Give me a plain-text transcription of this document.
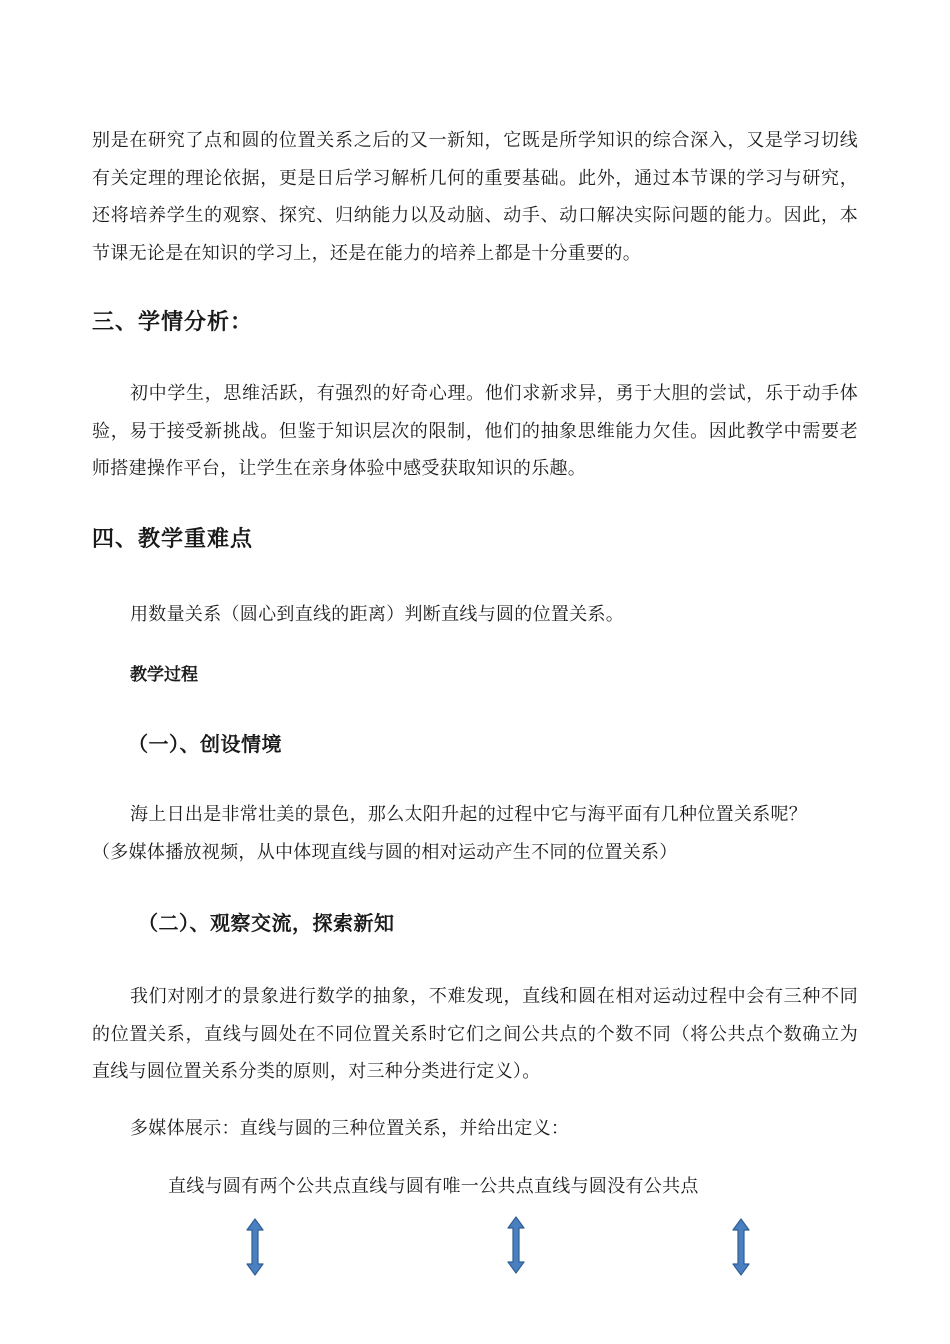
别是在研究了点和圆的位置关系之后的又一新知，它既是所学知识的综合深入，又是学习切线有关定理的理论依据，更是日后学习解析几何的重要基础。此外，通过本节课的学习与研究，还将培养学生的观察、探究、归纳能力以及动脑、动手、动口解决实际问题的能力。因此，本节课无论是在知识的学习上，还是在能力的培养上都是十分重要的。

三、学情分析：

初中学生，思维活跃，有强烈的好奇心理。他们求新求异，勇于大胆的尝试，乐于动手体验，易于接受新挑战。但鉴于知识层次的限制，他们的抽象思维能力欠佳。因此教学中需要老师搭建操作平台，让学生在亲身体验中感受获取知识的乐趣。

四、教学重难点

用数量关系（圆心到直线的距离）判断直线与圆的位置关系。

教学过程

（一）、创设情境

海上日出是非常壮美的景色，那么太阳升起的过程中它与海平面有几种位置关系呢？

（多媒体播放视频，从中体现直线与圆的相对运动产生不同的位置关系）

（二）、观察交流，探索新知

我们对刚才的景象进行数学的抽象，不难发现，直线和圆在相对运动过程中会有三种不同的位置关系，直线与圆处在不同位置关系时它们之间公共点的个数不同（将公共点个数确立为直线与圆位置关系分类的原则，对三种分类进行定义）。

多媒体展示：直线与圆的三种位置关系，并给出定义：

直线与圆有两个公共点直线与圆有唯一公共点直线与圆没有公共点
